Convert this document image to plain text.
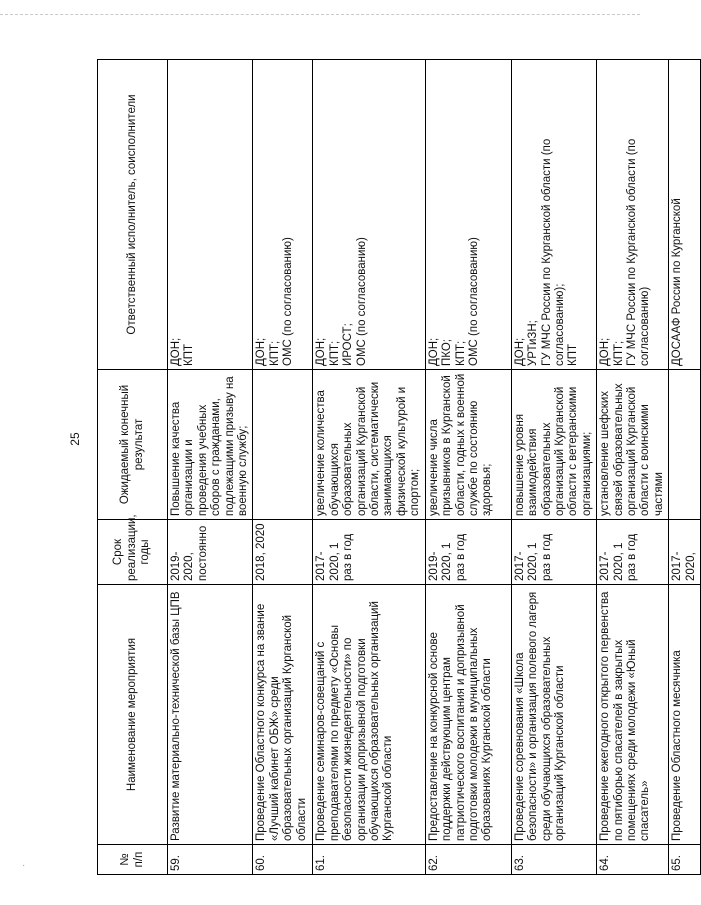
·
25
№ п/п	Наименование мероприятия	Срок реализации, годы	Ожидаемый конечный результат	Ответственный исполнитель, соисполнители
59.	Развитие материально-технической базы ЦПВ	2019-2020, постоянно	Повышение качества организации и проведения учебных сборов с гражданами, подлежащими призыву на военную службу;	ДОН;
КПТ
60.	Проведение Областного конкурса на звание «Лучший кабинет ОБЖ» среди образовательных организаций Курганской области	2018, 2020		ДОН;
КПТ;
ОМС (по согласованию)
61.	Проведение семинаров-совещаний с преподавателями по предмету «Основы безопасности жизнедеятельности» по организации допризывной подготовки обучающихся образовательных организаций Курганской области	2017-2020, 1 раз в год	увеличение количества обучающихся образовательных организаций Курганской области, систематически занимающихся физической культурой и спортом;	ДОН;
КПТ;
ИРОСТ;
ОМС (по согласованию)
62.	Предоставление на конкурсной основе поддержки действующим центрам патриотического воспитания и допризывной подготовки молодежи в муниципальных образованиях Курганской области	2019-2020, 1 раз в год	увеличение числа призывников в Курганской области, годных к военной службе по состоянию здоровья;	ДОН;
ПКО;
КПТ;
ОМС (по согласованию)
63.	Проведение соревнования «Школа безопасности» и организация полевого лагеря среди обучающихся образовательных организаций Курганской области	2017-2020, 1 раз в год	повышение уровня взаимодействия образовательных организаций Курганской области с ветеранскими организациями;	ДОН;
УРТиЗН;
ГУ МЧС России по Курганской области (по согласованию);
КПТ
64.	Проведение ежегодного открытого первенства по пятиборью спасателей в закрытых помещениях среди молодежи «Юный спасатель»	2017-2020, 1 раз в год	установление шефских связей образовательных организаций Курганской области с воинскими частями	ДОН;
КПТ;
ГУ МЧС России по Курганской области (по согласованию)
65.	Проведение Областного месячника	2017-2020,		ДОСААФ России по Курганской
